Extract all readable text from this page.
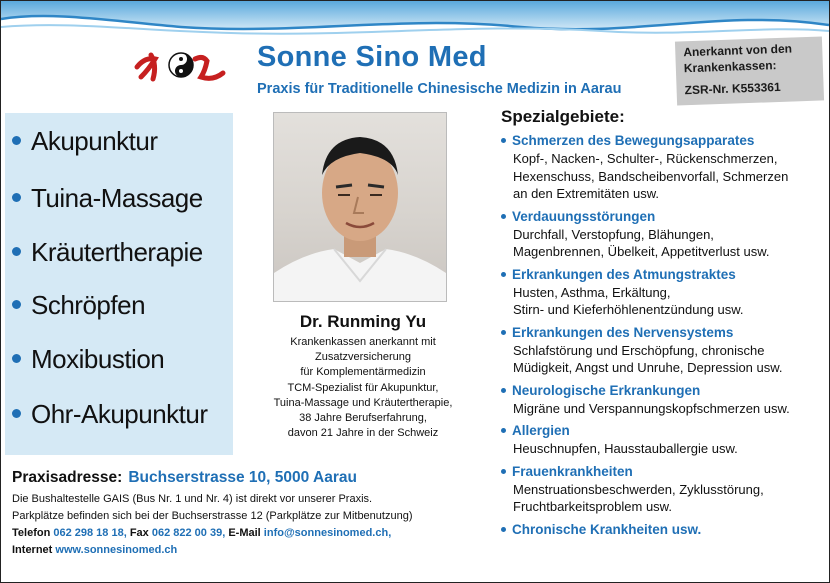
Sonne Sino Med
Praxis für Traditionelle Chinesische Medizin in Aarau
Anerkannt von den
Krankenkassen:
ZSR-Nr. K553361
Akupunktur
Tuina-Massage
Kräutertherapie
Schröpfen
Moxibustion
Ohr-Akupunktur
Dr. Runming Yu
Krankenkassen anerkannt mit
Zusatzversicherung
für Komplementärmedizin
TCM-Spezialist für Akupunktur,
Tuina-Massage und Kräutertherapie,
38 Jahre Berufserfahrung,
davon 21 Jahre in der Schweiz
Spezialgebiete:
Schmerzen des Bewegungsapparates
Kopf-, Nacken-, Schulter-, Rückenschmerzen,
Hexenschuss, Bandscheibenvorfall, Schmerzen
an den Extremitäten usw.
Verdauungsstörungen
Durchfall, Verstopfung, Blähungen,
Magenbrennen, Übelkeit, Appetitverlust usw.
Erkrankungen des Atmungstraktes
Husten, Asthma, Erkältung,
Stirn- und Kieferhöhlenentzündung usw.
Erkrankungen des Nervensystems
Schlafstörung und Erschöpfung, chronische
Müdigkeit, Angst und Unruhe, Depression usw.
Neurologische Erkrankungen
Migräne und Verspannungskopfschmerzen usw.
Allergien
Heuschnupfen, Hausstauballergie usw.
Frauenkrankheiten
Menstruationsbeschwerden, Zyklusstörung,
Fruchtbarkeitsproblem usw.
Chronische Krankheiten usw.
Praxisadresse: Buchserstrasse 10, 5000 Aarau
Die Bushaltestelle GAIS (Bus Nr. 1 und Nr. 4) ist direkt vor unserer Praxis.
Parkplätze befinden sich bei der Buchserstrasse 12 (Parkplätze zur Mitbenutzung)
Telefon 062 298 18 18, Fax 062 822 00 39, E-Mail info@sonnesinomed.ch,
Internet www.sonnesinomed.ch
